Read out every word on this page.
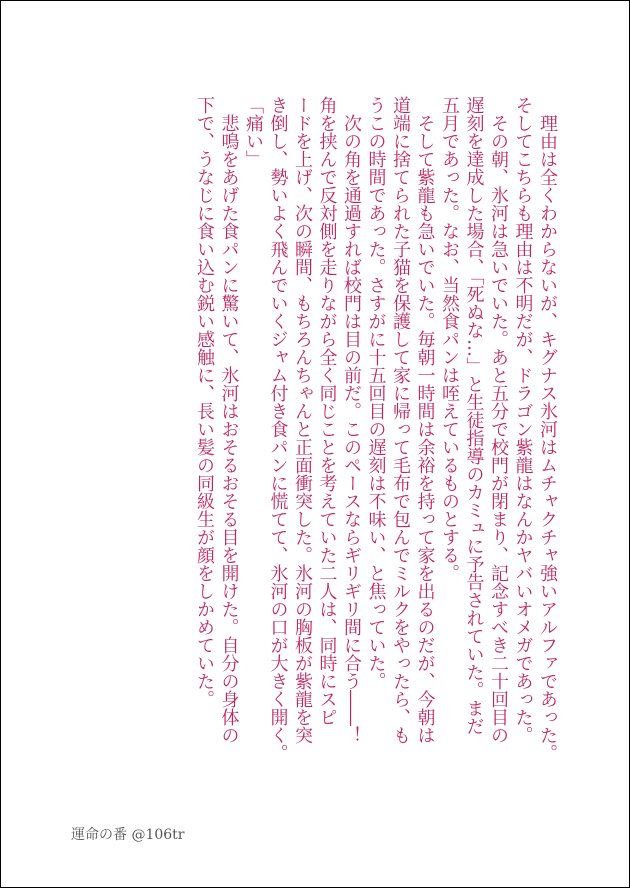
　理由は全くわからないが、キグナス氷河はムチャクチャ強いアルファであった。
そしてこちらも理由は不明だが、ドラゴン紫龍はなんかヤバいオメガであった。
　その朝、氷河は急いでいた。あと五分で校門が閉まり、記念すべき二十回目の
遅刻を達成した場合、「死ぬな…」と生徒指導のカミュに予告されていた。まだ
五月であった。なお、当然食パンは咥えているものとする。
　そして紫龍も急いでいた。毎朝一時間は余裕を持って家を出るのだが、今朝は
道端に捨てられた子猫を保護して家に帰って毛布で包んでミルクをやったら、も
うこの時間であった。さすがに十五回目の遅刻は不味い、と焦っていた。
　次の角を通過すれば校門は目の前だ。このペースならギリギリ間に合う――！
角を挟んで反対側を走りながら全く同じことを考えていた二人は、同時にスピ
ードを上げ、次の瞬間、もちろんちゃんと正面衝突した。氷河の胸板が紫龍を突
き倒し、勢いよく飛んでいくジャム付き食パンに慌てて、氷河の口が大きく開く。
「痛い」
　悲鳴をあげた食パンに驚いて、氷河はおそるおそる目を開けた。自分の身体の
下で、うなじに食い込む鋭い感触に、長い髪の同級生が顔をしかめていた。
運命の番 @106tr
